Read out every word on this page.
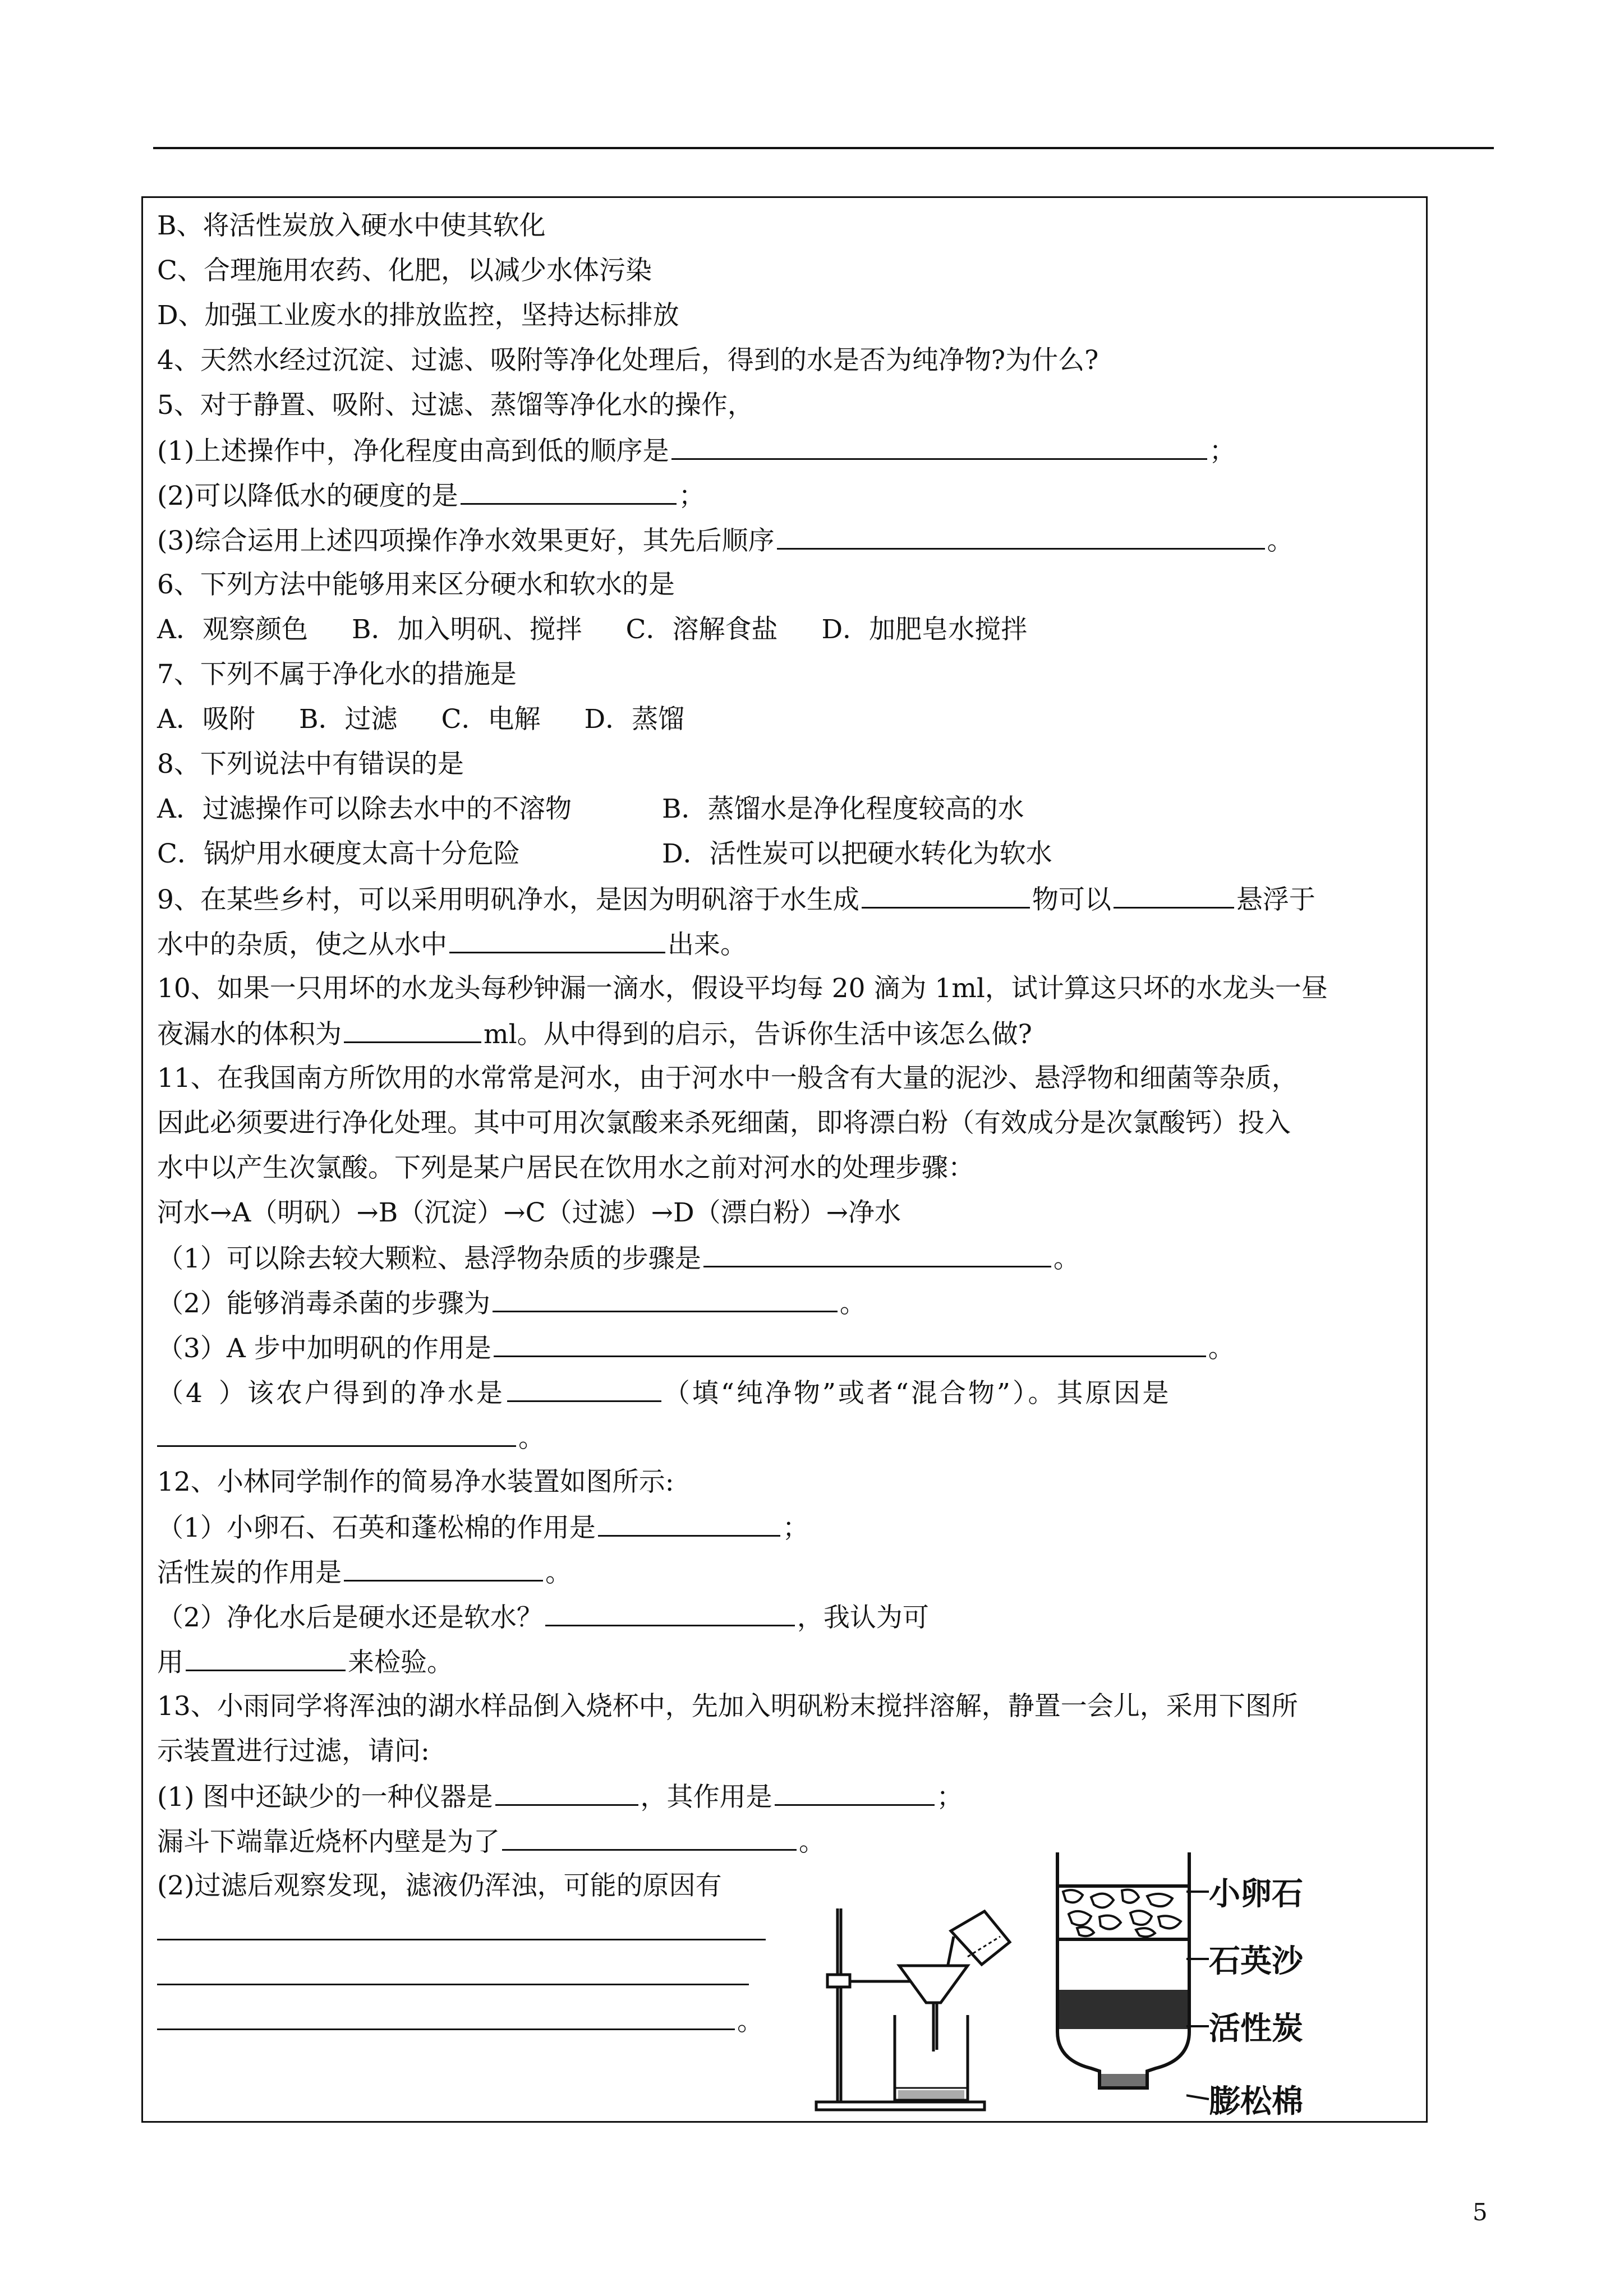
B、将活性炭放入硬水中使其软化
C、合理施用农药、化肥，以减少水体污染
D、加强工业废水的排放监控，坚持达标排放
4、天然水经过沉淀、过滤、吸附等净化处理后，得到的水是否为纯净物?为什么?
5、对于静置、吸附、过滤、蒸馏等净化水的操作，
(1)上述操作中，净化程度由高到低的顺序是	；
(2)可以降低水的硬度的是	；
(3)综合运用上述四项操作净水效果更好，其先后顺序	。
6、下列方法中能够用来区分硬水和软水的是
A．观察颜色 B．加入明矾、搅拌 C．溶解食盐 D．加肥皂水搅拌
7、下列不属于净化水的措施是
A．吸附 B．过滤 C．电解 D．蒸馏
8、下列说法中有错误的是
A．过滤操作可以除去水中的不溶物	B．蒸馏水是净化程度较高的水
C．锅炉用水硬度太高十分危险	D．活性炭可以把硬水转化为软水
9、在某些乡村，可以采用明矾净水，是因为明矾溶于水生成	物可以	悬浮于
水中的杂质，使之从水中	出来。
10、如果一只用坏的水龙头每秒钟漏一滴水，假设平均每 20 滴为 1ml，试计算这只坏的水龙头一昼
夜漏水的体积为	ml。从中得到的启示，告诉你生活中该怎么做?
11、在我国南方所饮用的水常常是河水，由于河水中一般含有大量的泥沙、悬浮物和细菌等杂质，
因此必须要进行净化处理。其中可用次氯酸来杀死细菌，即将漂白粉（有效成分是次氯酸钙）投入
水中以产生次氯酸。下列是某户居民在饮用水之前对河水的处理步骤：
河水→A（明矾）→B（沉淀）→C（过滤）→D（漂白粉）→净水
（1）可以除去较大颗粒、悬浮物杂质的步骤是	。
（2）能够消毒杀菌的步骤为	。
（3）A 步中加明矾的作用是	。
（4 ）该农户得到的净水是	（填“纯净物”或者“混合物”）。其原因是
。
12、小林同学制作的简易净水装置如图所示:
（1）小卵石、石英和蓬松棉的作用是	；
活性炭的作用是	。
（2）净化水后是硬水还是软水？	，我认为可
用	来检验。
13、小雨同学将浑浊的湖水样品倒入烧杯中，先加入明矾粉末搅拌溶解，静置一会儿，采用下图所
示装置进行过滤，请问:
(1) 图中还缺少的一种仪器是	，其作用是	；
漏斗下端靠近烧杯内壁是为了	。
(2)过滤后观察发现，滤液仍浑浊，可能的原因有
。
小卵石
石英沙
活性炭
膨松棉
5
